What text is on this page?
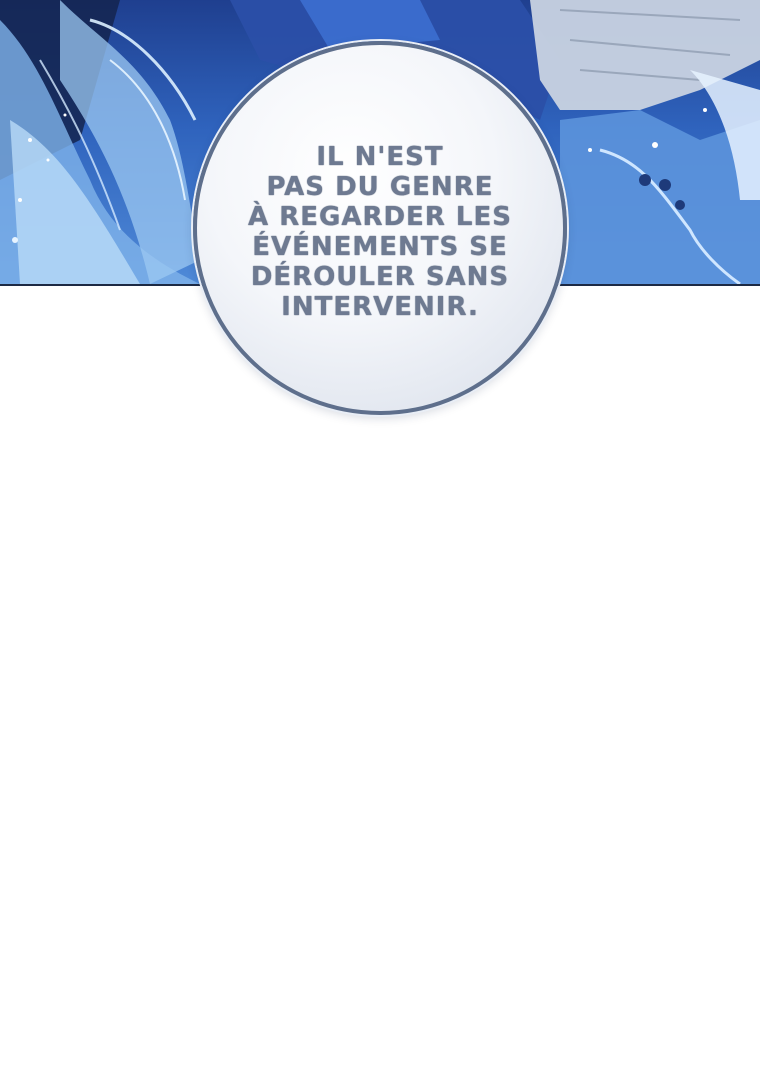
IL N'EST
PAS DU GENRE
À REGARDER LES
ÉVÉNEMENTS SE
DÉROULER SANS
INTERVENIR.
